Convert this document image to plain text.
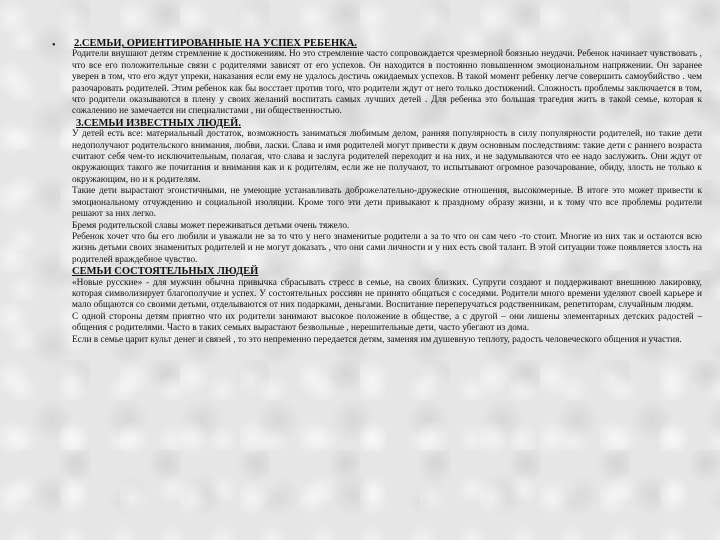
• 2.СЕМЬИ, ОРИЕНТИРОВАННЫЕ НА УСПЕХ РЕБЕНКА.

Родители внушают детям стремление к достижениям. Но это стремление часто сопровождается чрезмерной боязнью неудачи. Ребенок начинает чувствовать , что все его положительные связи с родителями зависят от его успехов. Он находится в постоянно повышенном эмоциональном напряжении. Он заранее уверен в том, что его ждут упреки, наказания если ему не удалось достичь ожидаемых успехов. В такой момент ребенку легче совершить самоубийство . чем разочаровать родителей. Этим ребенок как бы восстает против того, что родители ждут от него только достижений. Сложность проблемы заключается в том, что родители оказываются в плену у своих желаний воспитать самых лучших детей . Для ребенка это большая трагедия жить в такой семье, которая к сожалению не замечается ни специалистами , ни общественностью.

3.СЕМЬИ ИЗВЕСТНЫХ ЛЮДЕЙ.

У детей есть все: материальный достаток, возможность заниматься любимым делом, ранняя популярность в силу популярности родителей, но такие дети недополучают родительского внимания, любви, ласки. Слава и имя родителей могут привести к двум основным последствиям: такие дети с раннего возраста считают себя чем-то исключительным, полагая, что слава и заслуга родителей переходит и на них, и не задумываются что ее надо заслужить. Они ждут от окружающих такого же почитания и внимания как и к родителям, если же не получают, то испытывают огромное разочарование, обиду, злость не только к окружающим, но и к родителям.

Такие дети вырастают эгоистичными, не умеющие устанавливать доброжелательно-дружеские отношения, высокомерные. В итоге это может привести к эмоциональному отчуждению и социальной изоляции. Кроме того эти дети привыкают к праздному образу жизни, и к тому что все проблемы родители решают за них легко.

Бремя родительской славы может переживаться детьми очень тяжело.

Ребенок хочет что бы его любили и уважали не за то что у него знаменитые родители а за то что он сам чего -то стоит. Многие из них так и остаются всю жизнь детьми своих знаменитых родителей и не могут доказать , что они сами личности и у них есть свой талант. В этой ситуации тоже появляется злость на родителей враждебное чувство.

СЕМЬИ СОСТОЯТЕЛЬНЫХ ЛЮДЕЙ

«Новые русские» - для мужчин обычна привычка сбрасывать стресс в семье, на своих близких. Супруги создают и поддерживают внешнюю лакировку, которая символизирует благополучие и успех. У состоятельных россиян не принято общаться с соседями. Родители много времени уделяют своей карьере и мало общаются со своими детьми, отделываются от них подарками, деньгами. Воспитание переперучаться родственникам, репетиторам, случайным людям.

С одной стороны детям приятно что их родители занимают высокое положение в обществе, а с другой – они лишены элементарных детских радостей – общения с родителями. Часто в таких семьях вырастают безвольные , нерешительные дети, часто убегают из дома.

Если в семье царит культ денег и связей , то это непременно передается детям, заменяя им душевную теплоту, радость человеческого общения и участия.
